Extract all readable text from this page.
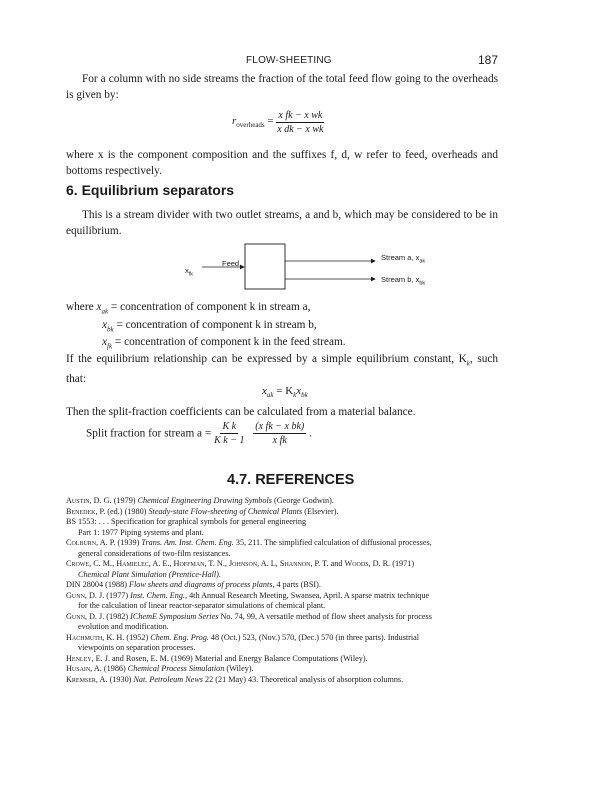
FLOW-SHEETING	187
For a column with no side streams the fraction of the total feed flow going to the overheads is given by:
$r_{overheads} = \frac{\text{x fk − x wk}}{\text{x dk − x wk}}$
where x is the component composition and the suffixes f, d, w refer to feed, overheads and bottoms respectively.
6. Equilibrium separators
This is a stream divider with two outlet streams, a and b, which may be considered to be in equilibrium.
Feed
$x_{fk}$
Stream a, $x_{ak}$
Stream b, $x_{bk}$
where $x_{ak}$ = concentration of component k in stream a,
$x_{bk}$ = concentration of component k in stream b,
$x_{fk}$ = concentration of component k in the feed stream.
If the equilibrium relationship can be expressed by a simple equilibrium constant, $K_k$, such that:
$x_{ak} = K_kx_{bk}$
Then the split-fraction coefficients can be calculated from a material balance.
Split fraction for stream $a = \frac{\text{K k}}{\text{K k − 1}}$
$\frac{\text{(x fk − x bk)}}{\text{x fk}}$ .
4.7. REFERENCES
Austin, D. G. (1979) Chemical Engineering Drawing Symbols (George Godwin).
Benedek, P. (ed.) (1980) Steady-state Flow-sheeting of Chemical Plants (Elsevier).
BS 1553: . . . Specification for graphical symbols for general engineering
Part 1: 1977 Piping systems and plant.
Colburn, A. P. (1939) Trans. Am. Inst. Chem. Eng. 35, 211. The simplified calculation of diffusional processes,
general considerations of two-film resistances.
Crowe, C. M., Hamielec, A. E., Hoffman, T. N., Johnson, A. L, Shannon, P. T. and Woods, D. R. (1971)
Chemical Plant Simulation (Prentice-Hall).
DIN 28004 (1988) Flow sheets and diagrams of process plants, 4 parts (BSI).
Gunn, D. J. (1977) Inst. Chem. Eng., 4th Annual Research Meeting, Swansea, April. A sparse matrix technique
for the calculation of linear reactor-separator simulations of chemical plant.
Gunn, D. J. (1982) IChemE Symposium Series No. 74, 99, A versatile method of flow sheet analysis for process
evolution and modification.
Hachmuth, K. H. (1952) Chem. Eng. Prog. 48 (Oct.) 523, (Nov.) 570, (Dec.) 570 (in three parts). Industrial
viewpoints on separation processes.
Henley, E. J. and Rosen, E. M. (1969) Material and Energy Balance Computations (Wiley).
Husain, A. (1986) Chemical Process Simulation (Wiley).
Kremser, A. (1930) Nat. Petroleum News 22 (21 May) 43. Theoretical analysis of absorption columns.
